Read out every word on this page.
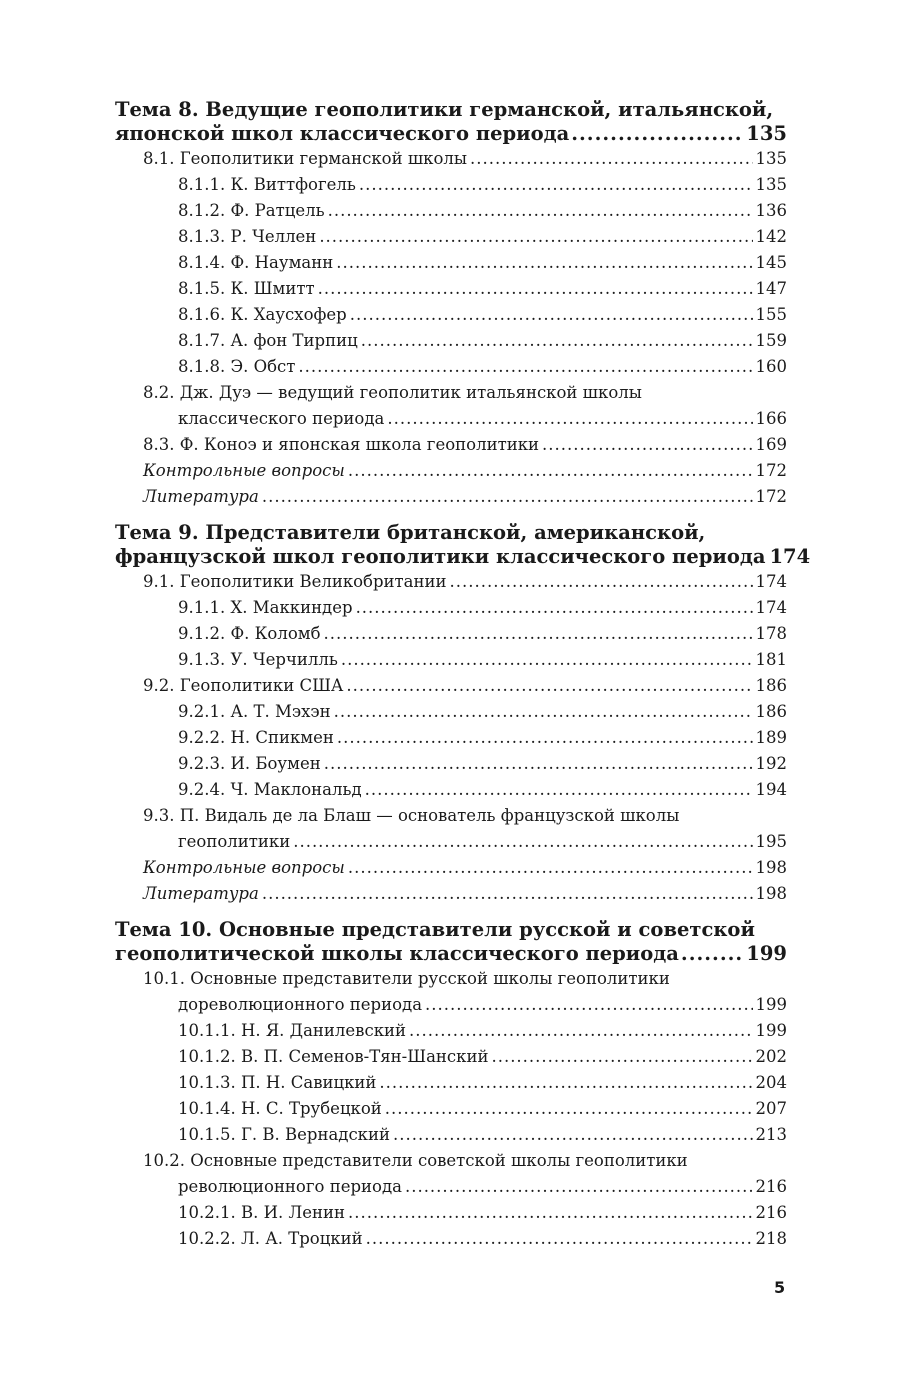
Тема 8. Ведущие геополитики германской, итальянской,
японской школ классического периода .....	135
8.1. Геополитики германской школы .....	135
8.1.1. К. Виттфогель .....	135
8.1.2. Ф. Ратцель .....	136
8.1.3. Р. Челлен .....	142
8.1.4. Ф. Науманн .....	145
8.1.5. К. Шмитт .....	147
8.1.6. К. Хаусхофер .....	155
8.1.7. А. фон Тирпиц .....	159
8.1.8. Э. Обст .....	160
8.2. Дж. Дуэ — ведущий геополитик итальянской школы
классического периода .....	166
8.3. Ф. Коноэ и японская школа геополитики .....	169
Контрольные вопросы .....	172
Литература .....	172
Тема 9. Представители британской, американской,
французской школ геополитики классического периода 174
9.1. Геополитики Великобритании .....	174
9.1.1. Х. Маккиндер .....	174
9.1.2. Ф. Коломб .....	178
9.1.3. У. Черчилль .....	181
9.2. Геополитики США .....	186
9.2.1. А. Т. Мэхэн .....	186
9.2.2. Н. Спикмен .....	189
9.2.3. И. Боумен .....	192
9.2.4. Ч. Маклональд .....	194
9.3. П. Видаль де ла Блаш — основатель французской школы
геополитики .....	195
Контрольные вопросы .....	198
Литература .....	198
Тема 10. Основные представители русской и советской
геополитической школы классического периода .....	199
10.1. Основные представители русской школы геополитики
дореволюционного периода .....	199
10.1.1. Н. Я. Данилевский .....	199
10.1.2. В. П. Семенов-Тян-Шанский .....	202
10.1.3. П. Н. Савицкий .....	204
10.1.4. Н. С. Трубецкой .....	207
10.1.5. Г. В. Вернадский .....	213
10.2. Основные представители советской школы геополитики
революционного периода .....	216
10.2.1. В. И. Ленин .....	216
10.2.2. Л. А. Троцкий .....	218
5
